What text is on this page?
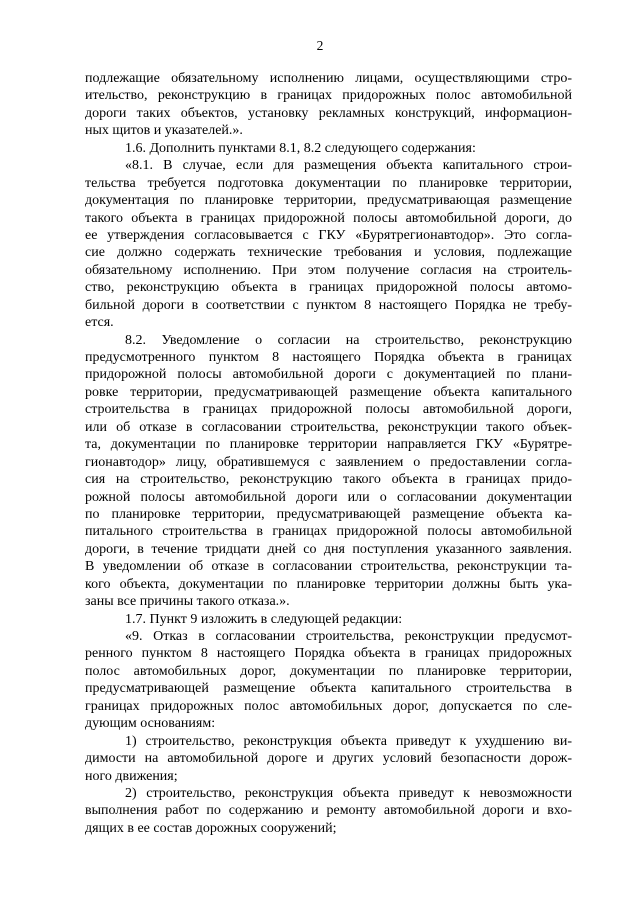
2
подлежащие обязательному исполнению лицами, осуществляющими стро-
ительство, реконструкцию в границах придорожных полос автомобильной
дороги таких объектов, установку рекламных конструкций, информацион-
ных щитов и указателей.».
1.6. Дополнить пунктами 8.1, 8.2 следующего содержания:
«8.1. В случае, если для размещения объекта капитального строи-
тельства требуется подготовка документации по планировке территории,
документация по планировке территории, предусматривающая размещение
такого объекта в границах придорожной полосы автомобильной дороги, до
ее утверждения согласовывается с ГКУ «Бурятрегионавтодор». Это согла-
сие должно содержать технические требования и условия, подлежащие
обязательному исполнению. При этом получение согласия на строитель-
ство, реконструкцию объекта в границах придорожной полосы автомо-
бильной дороги в соответствии с пунктом 8 настоящего Порядка не требу-
ется.
8.2. Уведомление о согласии на строительство, реконструкцию
предусмотренного пунктом 8 настоящего Порядка объекта в границах
придорожной полосы автомобильной дороги с документацией по плани-
ровке территории, предусматривающей размещение объекта капитального
строительства в границах придорожной полосы автомобильной дороги,
или об отказе в согласовании строительства, реконструкции такого объек-
та, документации по планировке территории направляется ГКУ «Бурятре-
гионавтодор» лицу, обратившемуся с заявлением о предоставлении согла-
сия на строительство, реконструкцию такого объекта в границах придо-
рожной полосы автомобильной дороги или о согласовании документации
по планировке территории, предусматривающей размещение объекта ка-
питального строительства в границах придорожной полосы автомобильной
дороги, в течение тридцати дней со дня поступления указанного заявления.
В уведомлении об отказе в согласовании строительства, реконструкции та-
кого объекта, документации по планировке территории должны быть ука-
заны все причины такого отказа.».
1.7. Пункт 9 изложить в следующей редакции:
«9. Отказ в согласовании строительства, реконструкции предусмот-
ренного пунктом 8 настоящего Порядка объекта в границах придорожных
полос автомобильных дорог, документации по планировке территории,
предусматривающей размещение объекта капитального строительства в
границах придорожных полос автомобильных дорог, допускается по сле-
дующим основаниям:
1) строительство, реконструкция объекта приведут к ухудшению ви-
димости на автомобильной дороге и других условий безопасности дорож-
ного движения;
2) строительство, реконструкция объекта приведут к невозможности
выполнения работ по содержанию и ремонту автомобильной дороги и вхо-
дящих в ее состав дорожных сооружений;
